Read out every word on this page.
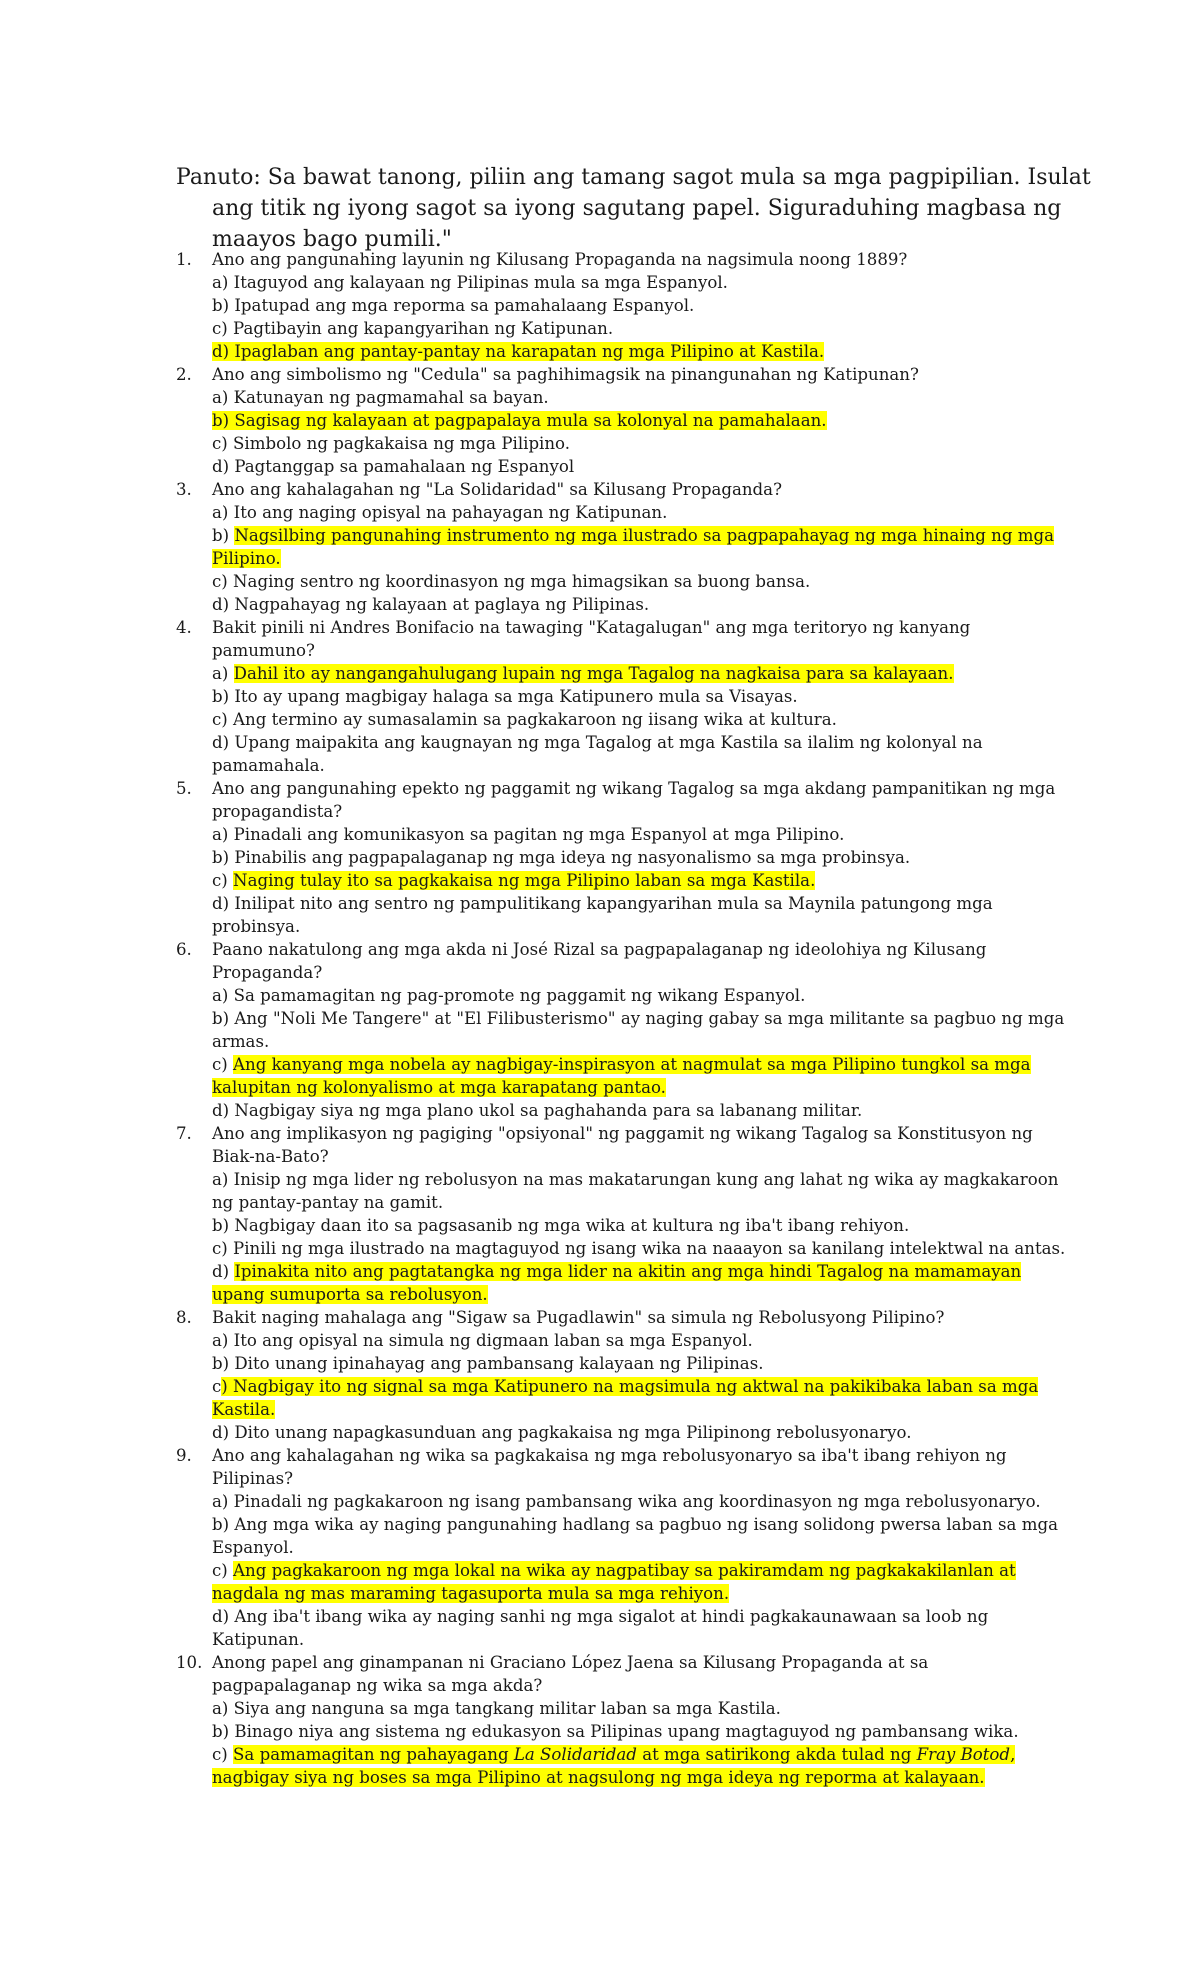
Panuto: Sa bawat tanong, piliin ang tamang sagot mula sa mga pagpipilian. Isulat ang titik ng iyong sagot sa iyong sagutang papel. Siguraduhing magbasa ng maayos bago pumili."

1. Ano ang pangunahing layunin ng Kilusang Propaganda na nagsimula noong 1889?
a) Itaguyod ang kalayaan ng Pilipinas mula sa mga Espanyol.
b) Ipatupad ang mga reporma sa pamahalaang Espanyol.
c) Pagtibayin ang kapangyarihan ng Katipunan.
d) Ipaglaban ang pantay-pantay na karapatan ng mga Pilipino at Kastila.
2. Ano ang simbolismo ng "Cedula" sa paghihimagsik na pinangunahan ng Katipunan?
a) Katunayan ng pagmamahal sa bayan.
b) Sagisag ng kalayaan at pagpapalaya mula sa kolonyal na pamahalaan.
c) Simbolo ng pagkakaisa ng mga Pilipino.
d) Pagtanggap sa pamahalaan ng Espanyol
3. Ano ang kahalagahan ng "La Solidaridad" sa Kilusang Propaganda?
a) Ito ang naging opisyal na pahayagan ng Katipunan.
b) Nagsilbing pangunahing instrumento ng mga ilustrado sa pagpapahayag ng mga hinaing ng mga Pilipino.
c) Naging sentro ng koordinasyon ng mga himagsikan sa buong bansa.
d) Nagpahayag ng kalayaan at paglaya ng Pilipinas.
4. Bakit pinili ni Andres Bonifacio na tawaging "Katagalugan" ang mga teritoryo ng kanyang pamumuno?
a) Dahil ito ay nangangahulugang lupain ng mga Tagalog na nagkaisa para sa kalayaan.
b) Ito ay upang magbigay halaga sa mga Katipunero mula sa Visayas.
c) Ang termino ay sumasalamin sa pagkakaroon ng iisang wika at kultura.
d) Upang maipakita ang kaugnayan ng mga Tagalog at mga Kastila sa ilalim ng kolonyal na pamamahala.
5. Ano ang pangunahing epekto ng paggamit ng wikang Tagalog sa mga akdang pampanitikan ng mga propagandista?
a) Pinadali ang komunikasyon sa pagitan ng mga Espanyol at mga Pilipino.
b) Pinabilis ang pagpapalaganap ng mga ideya ng nasyonalismo sa mga probinsya.
c) Naging tulay ito sa pagkakaisa ng mga Pilipino laban sa mga Kastila.
d) Inilipat nito ang sentro ng pampulitikang kapangyarihan mula sa Maynila patungong mga probinsya.
6. Paano nakatulong ang mga akda ni José Rizal sa pagpapalaganap ng ideolohiya ng Kilusang Propaganda?
a) Sa pamamagitan ng pag-promote ng paggamit ng wikang Espanyol.
b) Ang "Noli Me Tangere" at "El Filibusterismo" ay naging gabay sa mga militante sa pagbuo ng mga armas.
c) Ang kanyang mga nobela ay nagbigay-inspirasyon at nagmulat sa mga Pilipino tungkol sa mga kalupitan ng kolonyalismo at mga karapatang pantao.
d) Nagbigay siya ng mga plano ukol sa paghahanda para sa labanang militar.
7. Ano ang implikasyon ng pagiging "opsiyonal" ng paggamit ng wikang Tagalog sa Konstitusyon ng Biak-na-Bato?
a) Inisip ng mga lider ng rebolusyon na mas makatarungan kung ang lahat ng wika ay magkakaroon ng pantay-pantay na gamit.
b) Nagbigay daan ito sa pagsasanib ng mga wika at kultura ng iba't ibang rehiyon.
c) Pinili ng mga ilustrado na magtaguyod ng isang wika na naaayon sa kanilang intelektwal na antas.
d) Ipinakita nito ang pagtatangka ng mga lider na akitin ang mga hindi Tagalog na mamamayan upang sumuporta sa rebolusyon.
8. Bakit naging mahalaga ang "Sigaw sa Pugadlawin" sa simula ng Rebolusyong Pilipino?
a) Ito ang opisyal na simula ng digmaan laban sa mga Espanyol.
b) Dito unang ipinahayag ang pambansang kalayaan ng Pilipinas.
c) Nagbigay ito ng signal sa mga Katipunero na magsimula ng aktwal na pakikibaka laban sa mga Kastila.
d) Dito unang napagkasunduan ang pagkakaisa ng mga Pilipinong rebolusyonaryo.
9. Ano ang kahalagahan ng wika sa pagkakaisa ng mga rebolusyonaryo sa iba't ibang rehiyon ng Pilipinas?
a) Pinadali ng pagkakaroon ng isang pambansang wika ang koordinasyon ng mga rebolusyonaryo.
b) Ang mga wika ay naging pangunahing hadlang sa pagbuo ng isang solidong pwersa laban sa mga Espanyol.
c) Ang pagkakaroon ng mga lokal na wika ay nagpatibay sa pakiramdam ng pagkakakilanlan at nagdala ng mas maraming tagasuporta mula sa mga rehiyon.
d) Ang iba't ibang wika ay naging sanhi ng mga sigalot at hindi pagkakaunawaan sa loob ng Katipunan.
10. Anong papel ang ginampanan ni Graciano López Jaena sa Kilusang Propaganda at sa pagpapalaganap ng wika sa mga akda?
a) Siya ang nanguna sa mga tangkang militar laban sa mga Kastila.
b) Binago niya ang sistema ng edukasyon sa Pilipinas upang magtaguyod ng pambansang wika.
c) Sa pamamagitan ng pahayagang La Solidaridad at mga satirikong akda tulad ng Fray Botod, nagbigay siya ng boses sa mga Pilipino at nagsulong ng mga ideya ng reporma at kalayaan.
